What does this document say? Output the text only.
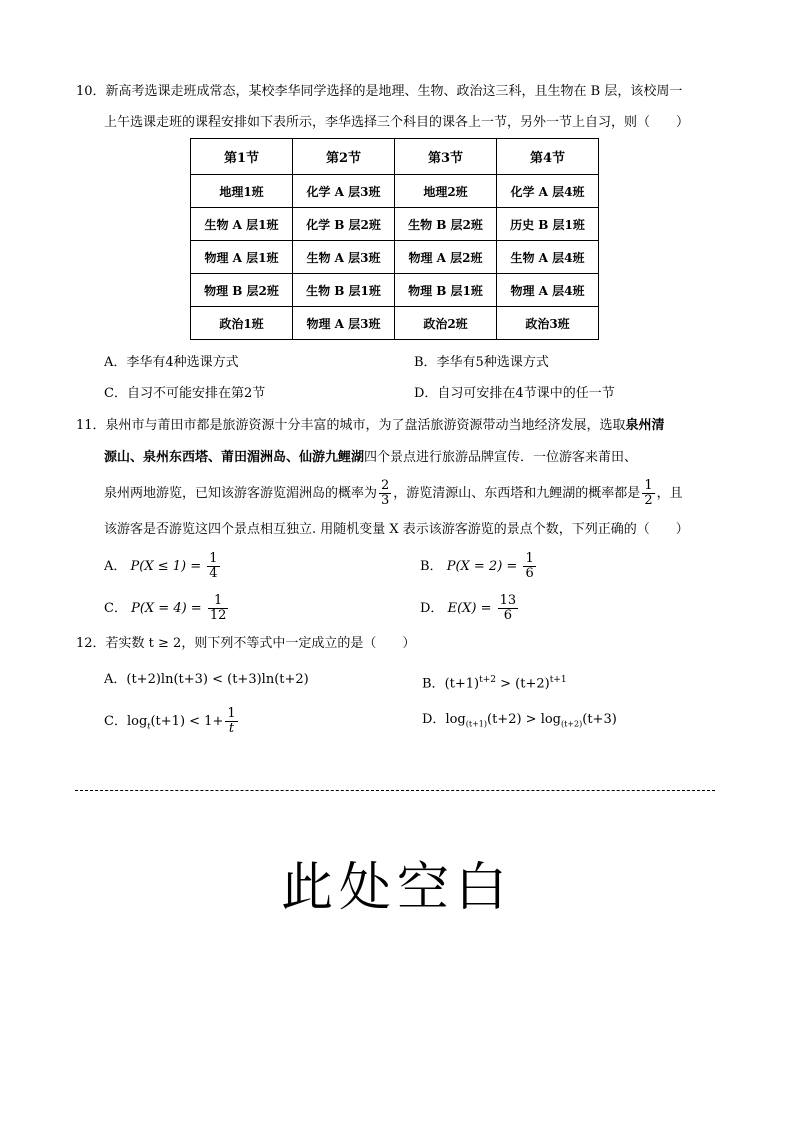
10．新高考选课走班成常态，某校李华同学选择的是地理、生物、政治这三科，且生物在 B 层，该校周一
上午选课走班的课程安排如下表所示，李华选择三个科目的课各上一节，另外一节上自习，则（　　）
第1节	第2节	第3节	第4节
地理1班	化学 A 层3班	地理2班	化学 A 层4班
生物 A 层1班	化学 B 层2班	生物 B 层2班	历史 B 层1班
物理 A 层1班	生物 A 层3班	物理 A 层2班	生物 A 层4班
物理 B 层2班	生物 B 层1班	物理 B 层1班	物理 A 层4班
政治1班	物理 A 层3班	政治2班	政治3班
A．李华有4种选课方式	B．李华有5种选课方式
C．自习不可能安排在第2节	D．自习可安排在4节课中的任一节
11．泉州市与莆田市都是旅游资源十分丰富的城市，为了盘活旅游资源带动当地经济发展，选取泉州清
源山、泉州东西塔、莆田湄洲岛、仙游九鲤湖四个景点进行旅游品牌宣传．一位游客来莆田、
泉州两地游览，已知该游客游览湄洲岛的概率为 $\frac{2}{3}$ ，游览清源山、东西塔和九鲤湖的概率都是 $\frac{1}{2}$ ，且
该游客是否游览这四个景点相互独立. 用随机变量 X 表示该游客游览的景点个数，下列正确的（　　）
A． $P(X \le 1) = \frac{1}{4}$	B． $P(X = 2) = \frac{1}{6}$
C． $P(X = 4) = \frac{1}{12}$	D． $E(X) = \frac{13}{6}$
12．若实数 t ≥ 2，则下列不等式中一定成立的是（　　）
A．(t+2)ln(t+3) < (t+3)ln(t+2)	B．$(t+1)^{t+2} > (t+2)^{t+1}$
C．$\log_t(t+1) < 1+ \frac{1}{t}$	D．$\log_{(t+1)}(t+2) > \log_{(t+2)}(t+3)$
此处空白
